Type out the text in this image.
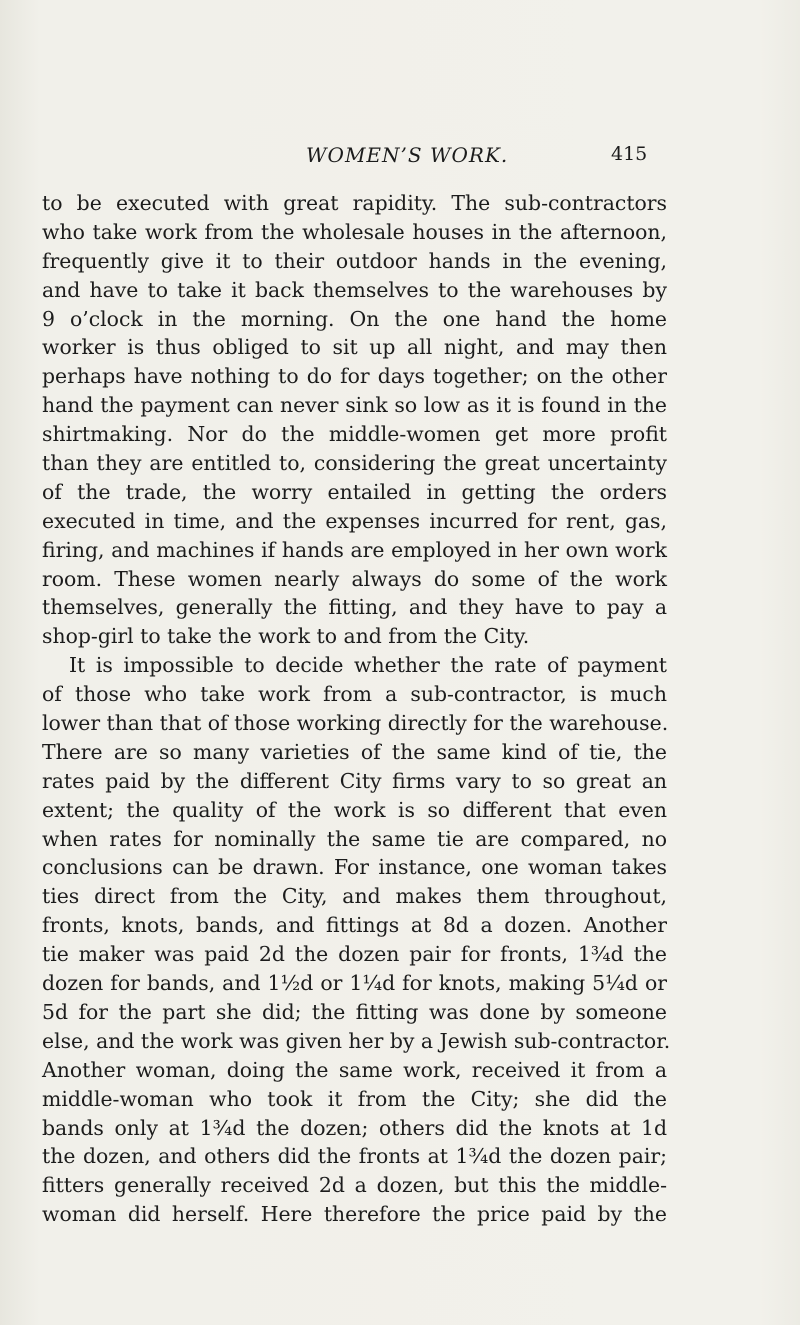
WOMEN’S WORK.	415
to be executed with great rapidity. The sub-contractors
who take work from the wholesale houses in the afternoon,
frequently give it to their outdoor hands in the evening,
and have to take it back themselves to the warehouses by
9 o’clock in the morning. On the one hand the home
worker is thus obliged to sit up all night, and may then
perhaps have nothing to do for days together; on the other
hand the payment can never sink so low as it is found in the
shirtmaking. Nor do the middle-women get more profit
than they are entitled to, considering the great uncertainty
of the trade, the worry entailed in getting the orders
executed in time, and the expenses incurred for rent, gas,
firing, and machines if hands are employed in her own work
room. These women nearly always do some of the work
themselves, generally the fitting, and they have to pay a
shop-girl to take the work to and from the City.
It is impossible to decide whether the rate of payment
of those who take work from a sub-contractor, is much
lower than that of those working directly for the warehouse.
There are so many varieties of the same kind of tie, the
rates paid by the different City firms vary to so great an
extent; the quality of the work is so different that even
when rates for nominally the same tie are compared, no
conclusions can be drawn. For instance, one woman takes
ties direct from the City, and makes them throughout,
fronts, knots, bands, and fittings at 8d a dozen. Another
tie maker was paid 2d the dozen pair for fronts, 1¾d the
dozen for bands, and 1½d or 1¼d for knots, making 5¼d or
5d for the part she did; the fitting was done by someone
else, and the work was given her by a Jewish sub-contractor.
Another woman, doing the same work, received it from a
middle-woman who took it from the City; she did the
bands only at 1¾d the dozen; others did the knots at 1d
the dozen, and others did the fronts at 1¾d the dozen pair;
fitters generally received 2d a dozen, but this the middle-
woman did herself. Here therefore the price paid by the
